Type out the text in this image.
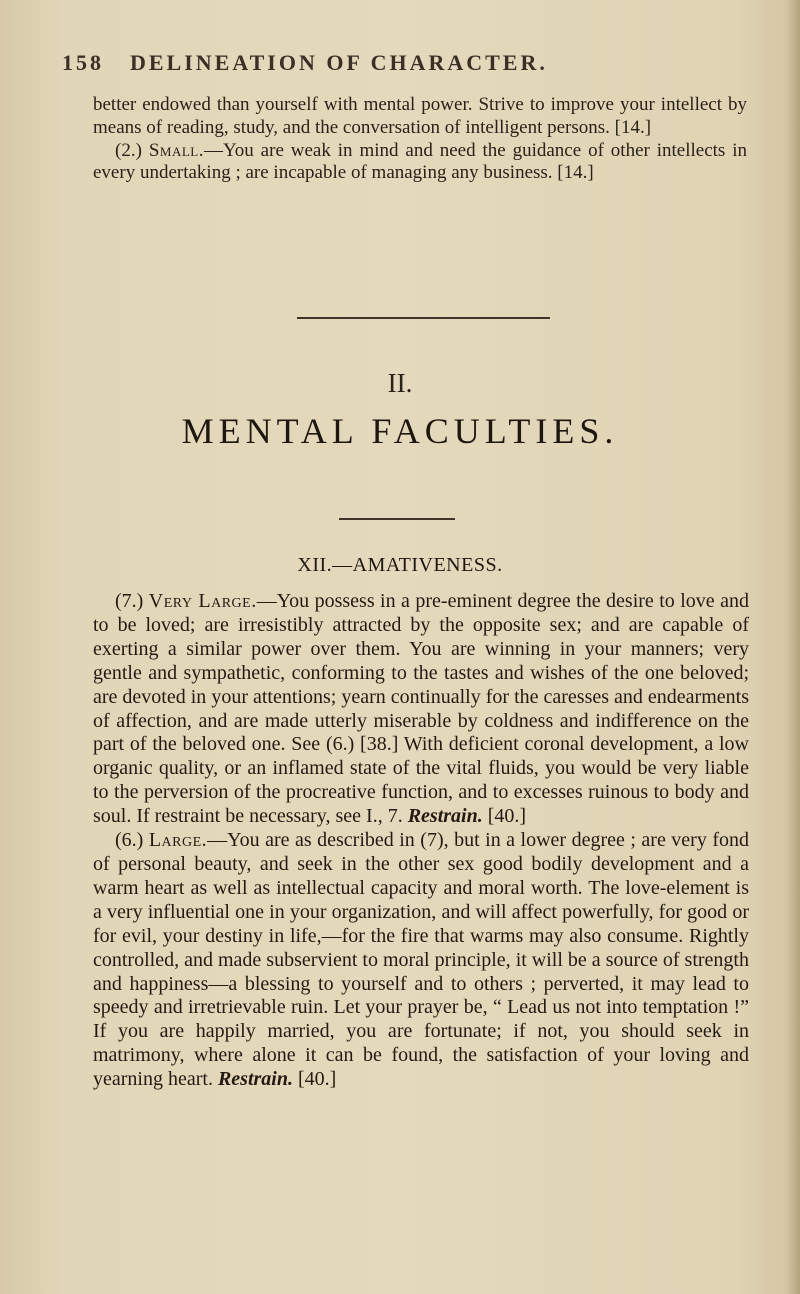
158 DELINEATION OF CHARACTER.

better endowed than yourself with mental power. Strive to improve your intellect by means of reading, study, and the conversation of intelligent persons. [14.]

(2.) Small.—You are weak in mind and need the guidance of other intellects in every undertaking ; are incapable of managing any business. [14.]

II.
MENTAL FACULTIES.
XII.—AMATIVENESS.

(7.) Very Large.—You possess in a pre-eminent degree the desire to love and to be loved; are irresistibly attracted by the opposite sex; and are capable of exerting a similar power over them. You are winning in your manners; very gentle and sympathetic, conforming to the tastes and wishes of the one beloved; are devoted in your attentions; yearn continually for the caresses and endearments of affection, and are made utterly miserable by coldness and indifference on the part of the beloved one. See (6.) [38.] With deficient coronal development, a low organic quality, or an inflamed state of the vital fluids, you would be very liable to the perversion of the procreative function, and to excesses ruinous to body and soul. If restraint be necessary, see I., 7. Restrain. [40.]

(6.) Large.—You are as described in (7), but in a lower degree ; are very fond of personal beauty, and seek in the other sex good bodily development and a warm heart as well as intellectual capacity and moral worth. The love-element is a very influential one in your organization, and will affect powerfully, for good or for evil, your destiny in life,—for the fire that warms may also consume. Rightly controlled, and made subservient to moral principle, it will be a source of strength and happiness—a blessing to yourself and to others ; perverted, it may lead to speedy and irretrievable ruin. Let your prayer be, “ Lead us not into temptation !” If you are happily married, you are fortunate; if not, you should seek in matrimony, where alone it can be found, the satisfaction of your loving and yearning heart. Restrain. [40.]
